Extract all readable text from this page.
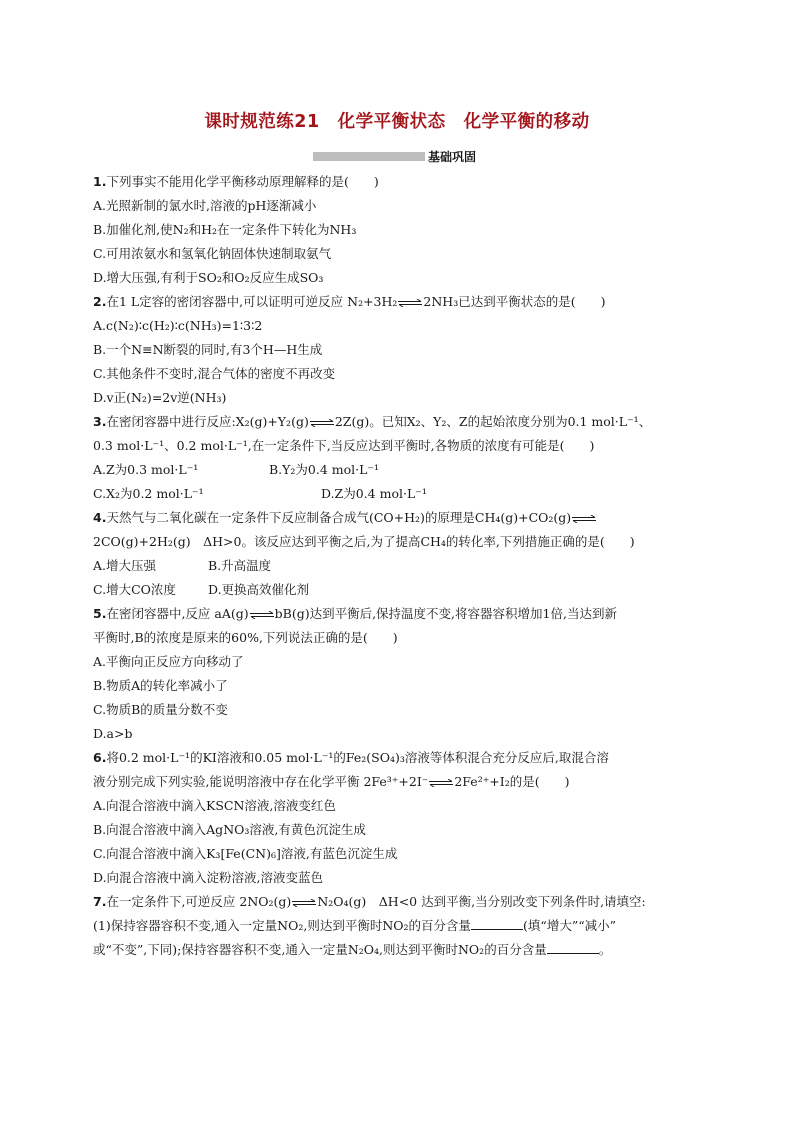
课时规范练21　化学平衡状态　化学平衡的移动
基础巩固
1.下列事实不能用化学平衡移动原理解释的是(　　)
A.光照新制的氯水时,溶液的pH逐渐减小
B.加催化剂,使N₂和H₂在一定条件下转化为NH₃
C.可用浓氨水和氢氧化钠固体快速制取氨气
D.增大压强,有利于SO₂和O₂反应生成SO₃
2.在1 L定容的密闭容器中,可以证明可逆反应 N₂+3H₂⇌2NH₃已达到平衡状态的是(　　)
A.c(N₂)∶c(H₂)∶c(NH₃)=1∶3∶2
B.一个N≡N断裂的同时,有3个H—H生成
C.其他条件不变时,混合气体的密度不再改变
D.v正(N₂)=2v逆(NH₃)
3.在密闭容器中进行反应:X₂(g)+Y₂(g)⇌2Z(g)。已知X₂、Y₂、Z的起始浓度分别为0.1 mol·L⁻¹、
0.3 mol·L⁻¹、0.2 mol·L⁻¹,在一定条件下,当反应达到平衡时,各物质的浓度有可能是(　　)
A.Z为0.3 mol·L⁻¹	B.Y₂为0.4 mol·L⁻¹
C.X₂为0.2 mol·L⁻¹	D.Z为0.4 mol·L⁻¹
4.天然气与二氧化碳在一定条件下反应制备合成气(CO+H₂)的原理是CH₄(g)+CO₂(g)⇌
2CO(g)+2H₂(g)　ΔH>0。该反应达到平衡之后,为了提高CH₄的转化率,下列措施正确的是(　　)
A.增大压强	B.升高温度
C.增大CO浓度	D.更换高效催化剂
5.在密闭容器中,反应 aA(g)⇌bB(g)达到平衡后,保持温度不变,将容器容积增加1倍,当达到新
平衡时,B的浓度是原来的60%,下列说法正确的是(　　)
A.平衡向正反应方向移动了
B.物质A的转化率减小了
C.物质B的质量分数不变
D.a>b
6.将0.2 mol·L⁻¹的KI溶液和0.05 mol·L⁻¹的Fe₂(SO₄)₃溶液等体积混合充分反应后,取混合溶
液分别完成下列实验,能说明溶液中存在化学平衡 2Fe³⁺+2I⁻⇌2Fe²⁺+I₂的是(　　)
A.向混合溶液中滴入KSCN溶液,溶液变红色
B.向混合溶液中滴入AgNO₃溶液,有黄色沉淀生成
C.向混合溶液中滴入K₃[Fe(CN)₆]溶液,有蓝色沉淀生成
D.向混合溶液中滴入淀粉溶液,溶液变蓝色
7.在一定条件下,可逆反应 2NO₂(g)⇌N₂O₄(g)　ΔH<0 达到平衡,当分别改变下列条件时,请填空:
(1)保持容器容积不变,通入一定量NO₂,则达到平衡时NO₂的百分含量	(填“增大”“减小”
或“不变”,下同);保持容器容积不变,通入一定量N₂O₄,则达到平衡时NO₂的百分含量	。
